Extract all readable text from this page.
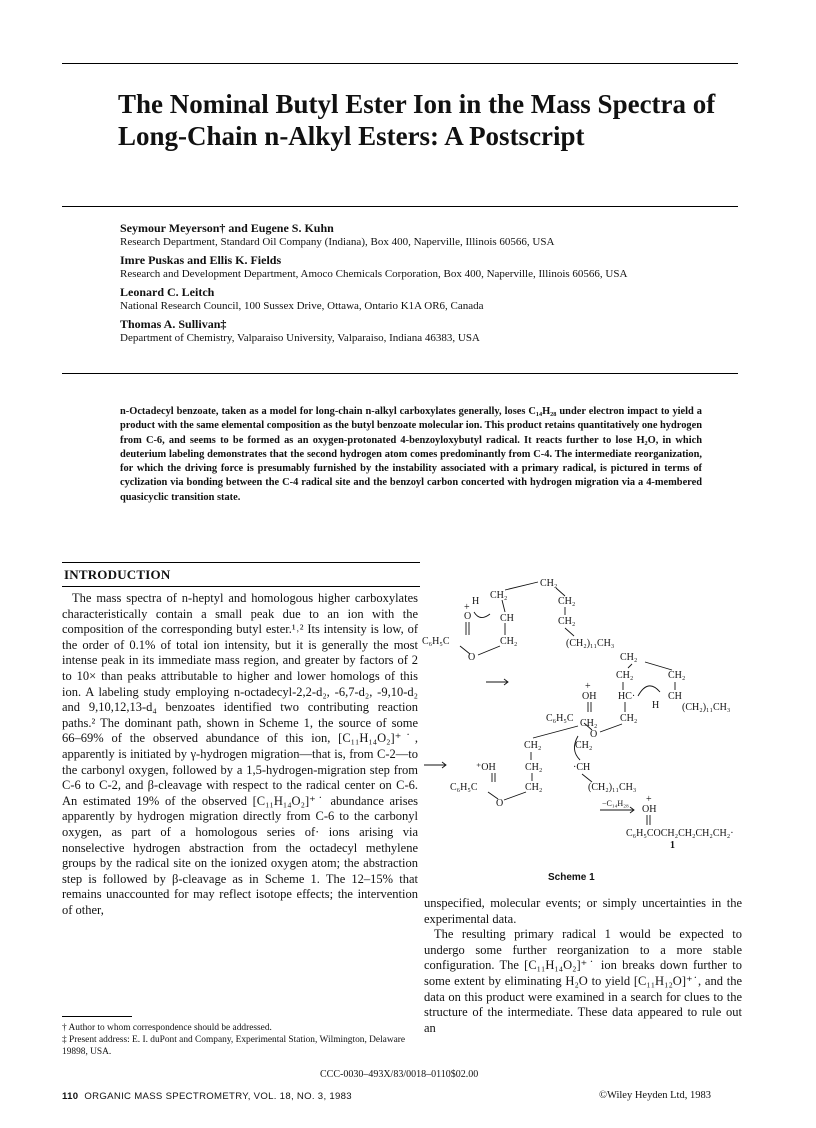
The Nominal Butyl Ester Ion in the Mass Spectra of Long-Chain n-Alkyl Esters: A Postscript
Seymour Meyerson† and Eugene S. Kuhn
Research Department, Standard Oil Company (Indiana), Box 400, Naperville, Illinois 60566, USA
Imre Puskas and Ellis K. Fields
Research and Development Department, Amoco Chemicals Corporation, Box 400, Naperville, Illinois 60566, USA
Leonard C. Leitch
National Research Council, 100 Sussex Drive, Ottawa, Ontario K1A OR6, Canada
Thomas A. Sullivan‡
Department of Chemistry, Valparaiso University, Valparaiso, Indiana 46383, USA
n-Octadecyl benzoate, taken as a model for long-chain n-alkyl carboxylates generally, loses C₁₄H₂₈ under electron impact to yield a product with the same elemental composition as the butyl benzoate molecular ion. This product retains quantitatively one hydrogen from C-6, and seems to be formed as an oxygen-protonated 4-benzoyloxybutyl radical. It reacts further to lose H₂O, in which deuterium labeling demonstrates that the second hydrogen atom comes predominantly from C-4. The intermediate reorganization, for which the driving force is presumably furnished by the instability associated with a primary radical, is pictured in terms of cyclization via bonding between the C-4 radical site and the benzoyl carbon concerted with hydrogen migration via a 4-membered quasicyclic transition state.
INTRODUCTION

The mass spectra of n-heptyl and homologous higher carboxylates characteristically contain a small peak due to an ion with the composition of the corresponding butyl ester.¹˒² Its intensity is low, of the order of 0.1% of total ion intensity, but it is generally the most intense peak in its immediate mass region, and greater by factors of 2 to 10× than peaks attributable to higher and lower homologs of this ion. A labeling study employing n-octadecyl-2,2-d₂, -6,7-d₂, -9,10-d₂ and 9,10,12,13-d₄ benzoates identified two contributing reaction paths.² The dominant path, shown in Scheme 1, the source of some 66–69% of the observed abundance of this ion, [C₁₁H₁₄O₂]⁺˙, apparently is initiated by γ-hydrogen migration—that is, from C-2—to the carbonyl oxygen, followed by a 1,5-hydrogen-migration step from C-6 to C-2, and β-cleavage with respect to the radical center on C-6. An estimated 19% of the observed [C₁₁H₁₄O₂]⁺˙ abundance arises apparently by hydrogen migration directly from C-6 to the carbonyl oxygen, as part of a homologous series of· ions arising via nonselective hydrogen abstraction from the octadecyl methylene groups by the radical site on the ionized oxygen atom; the abstraction step is followed by β-cleavage as in Scheme 1. The 12–15% that remains unaccounted for may reflect isotope effects; the intervention of other,	unspecified, molecular events; or simply uncertainties in the experimental data.

The resulting primary radical 1 would be expected to undergo some further reorganization to a more stable configuration. The [C₁₁H₁₄O₂]⁺˙ ion breaks down further to some extent by eliminating H₂O to yield [C₁₁H₁₂O]⁺˙, and the data on this product were examined in a search for clues to the structure of the intermediate. These data appeared to rule out an

CH₂
H
CH₂
CH₂
+
O	CH	CH₂
C₆H₅C	CH₂	(CH₂)₁₁CH₃
O	CH₂
CH₂	CH₂
+
OH HC·	CH
H (CH₂)₁₁CH₃
C₆H₅C	CH₂
O
CH₂
CH₂	CH₂
⁺OH	CH₂	·CH
C₆H₅C	CH₂	(CH₂)₁₁CH₃
O	−C₁₄H₂₈ +
OH
C₆H₅COCH₂CH₂CH₂CH₂·
1
Scheme 1
† Author to whom correspondence should be addressed.
‡ Present address: E. I. duPont and Company, Experimental Station, Wilmington, Delaware 19898, USA.
CCC-0030–493X/83/0018–0110$02.00
110 ORGANIC MASS SPECTROMETRY, VOL. 18, NO. 3, 1983	©Wiley Heyden Ltd, 1983
